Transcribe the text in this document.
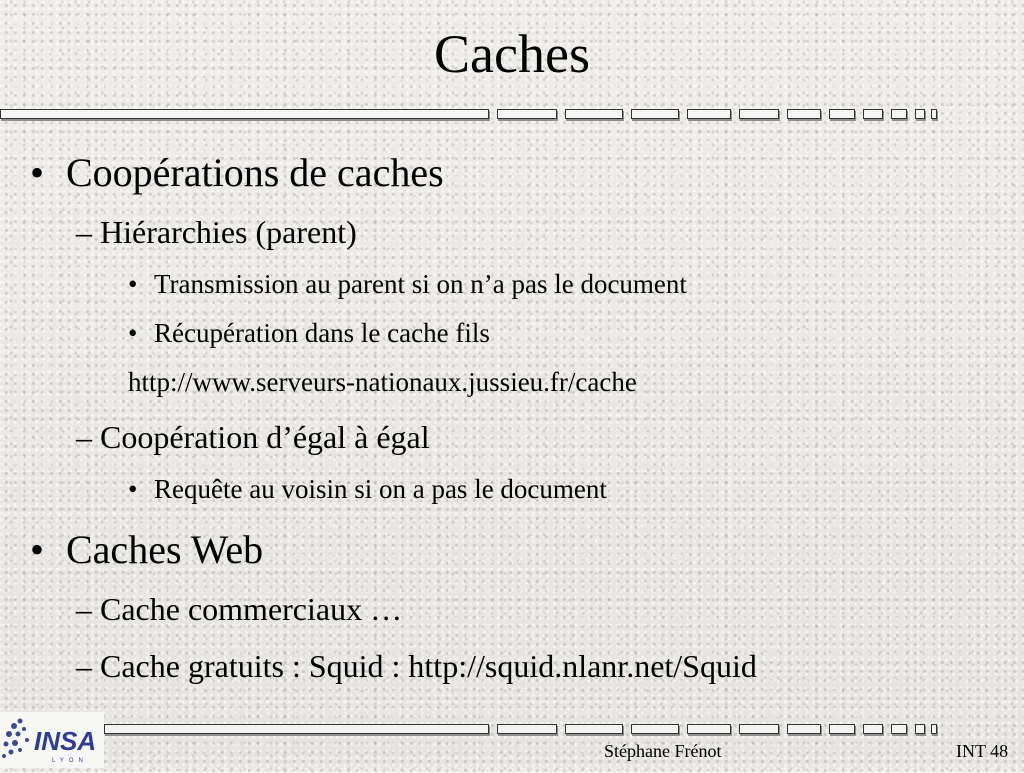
Caches
• Coopérations de caches
– Hiérarchies (parent)
• Transmission au parent si on n’a pas le document
• Récupération dans le cache fils
http://www.serveurs-nationaux.jussieu.fr/cache
– Coopération d’égal à égal
• Requête au voisin si on a pas le document
• Caches Web
– Cache commerciaux …
– Cache gratuits : Squid : http://squid.nlanr.net/Squid
INSA
LYON	Stéphane Frénot	INT 48
